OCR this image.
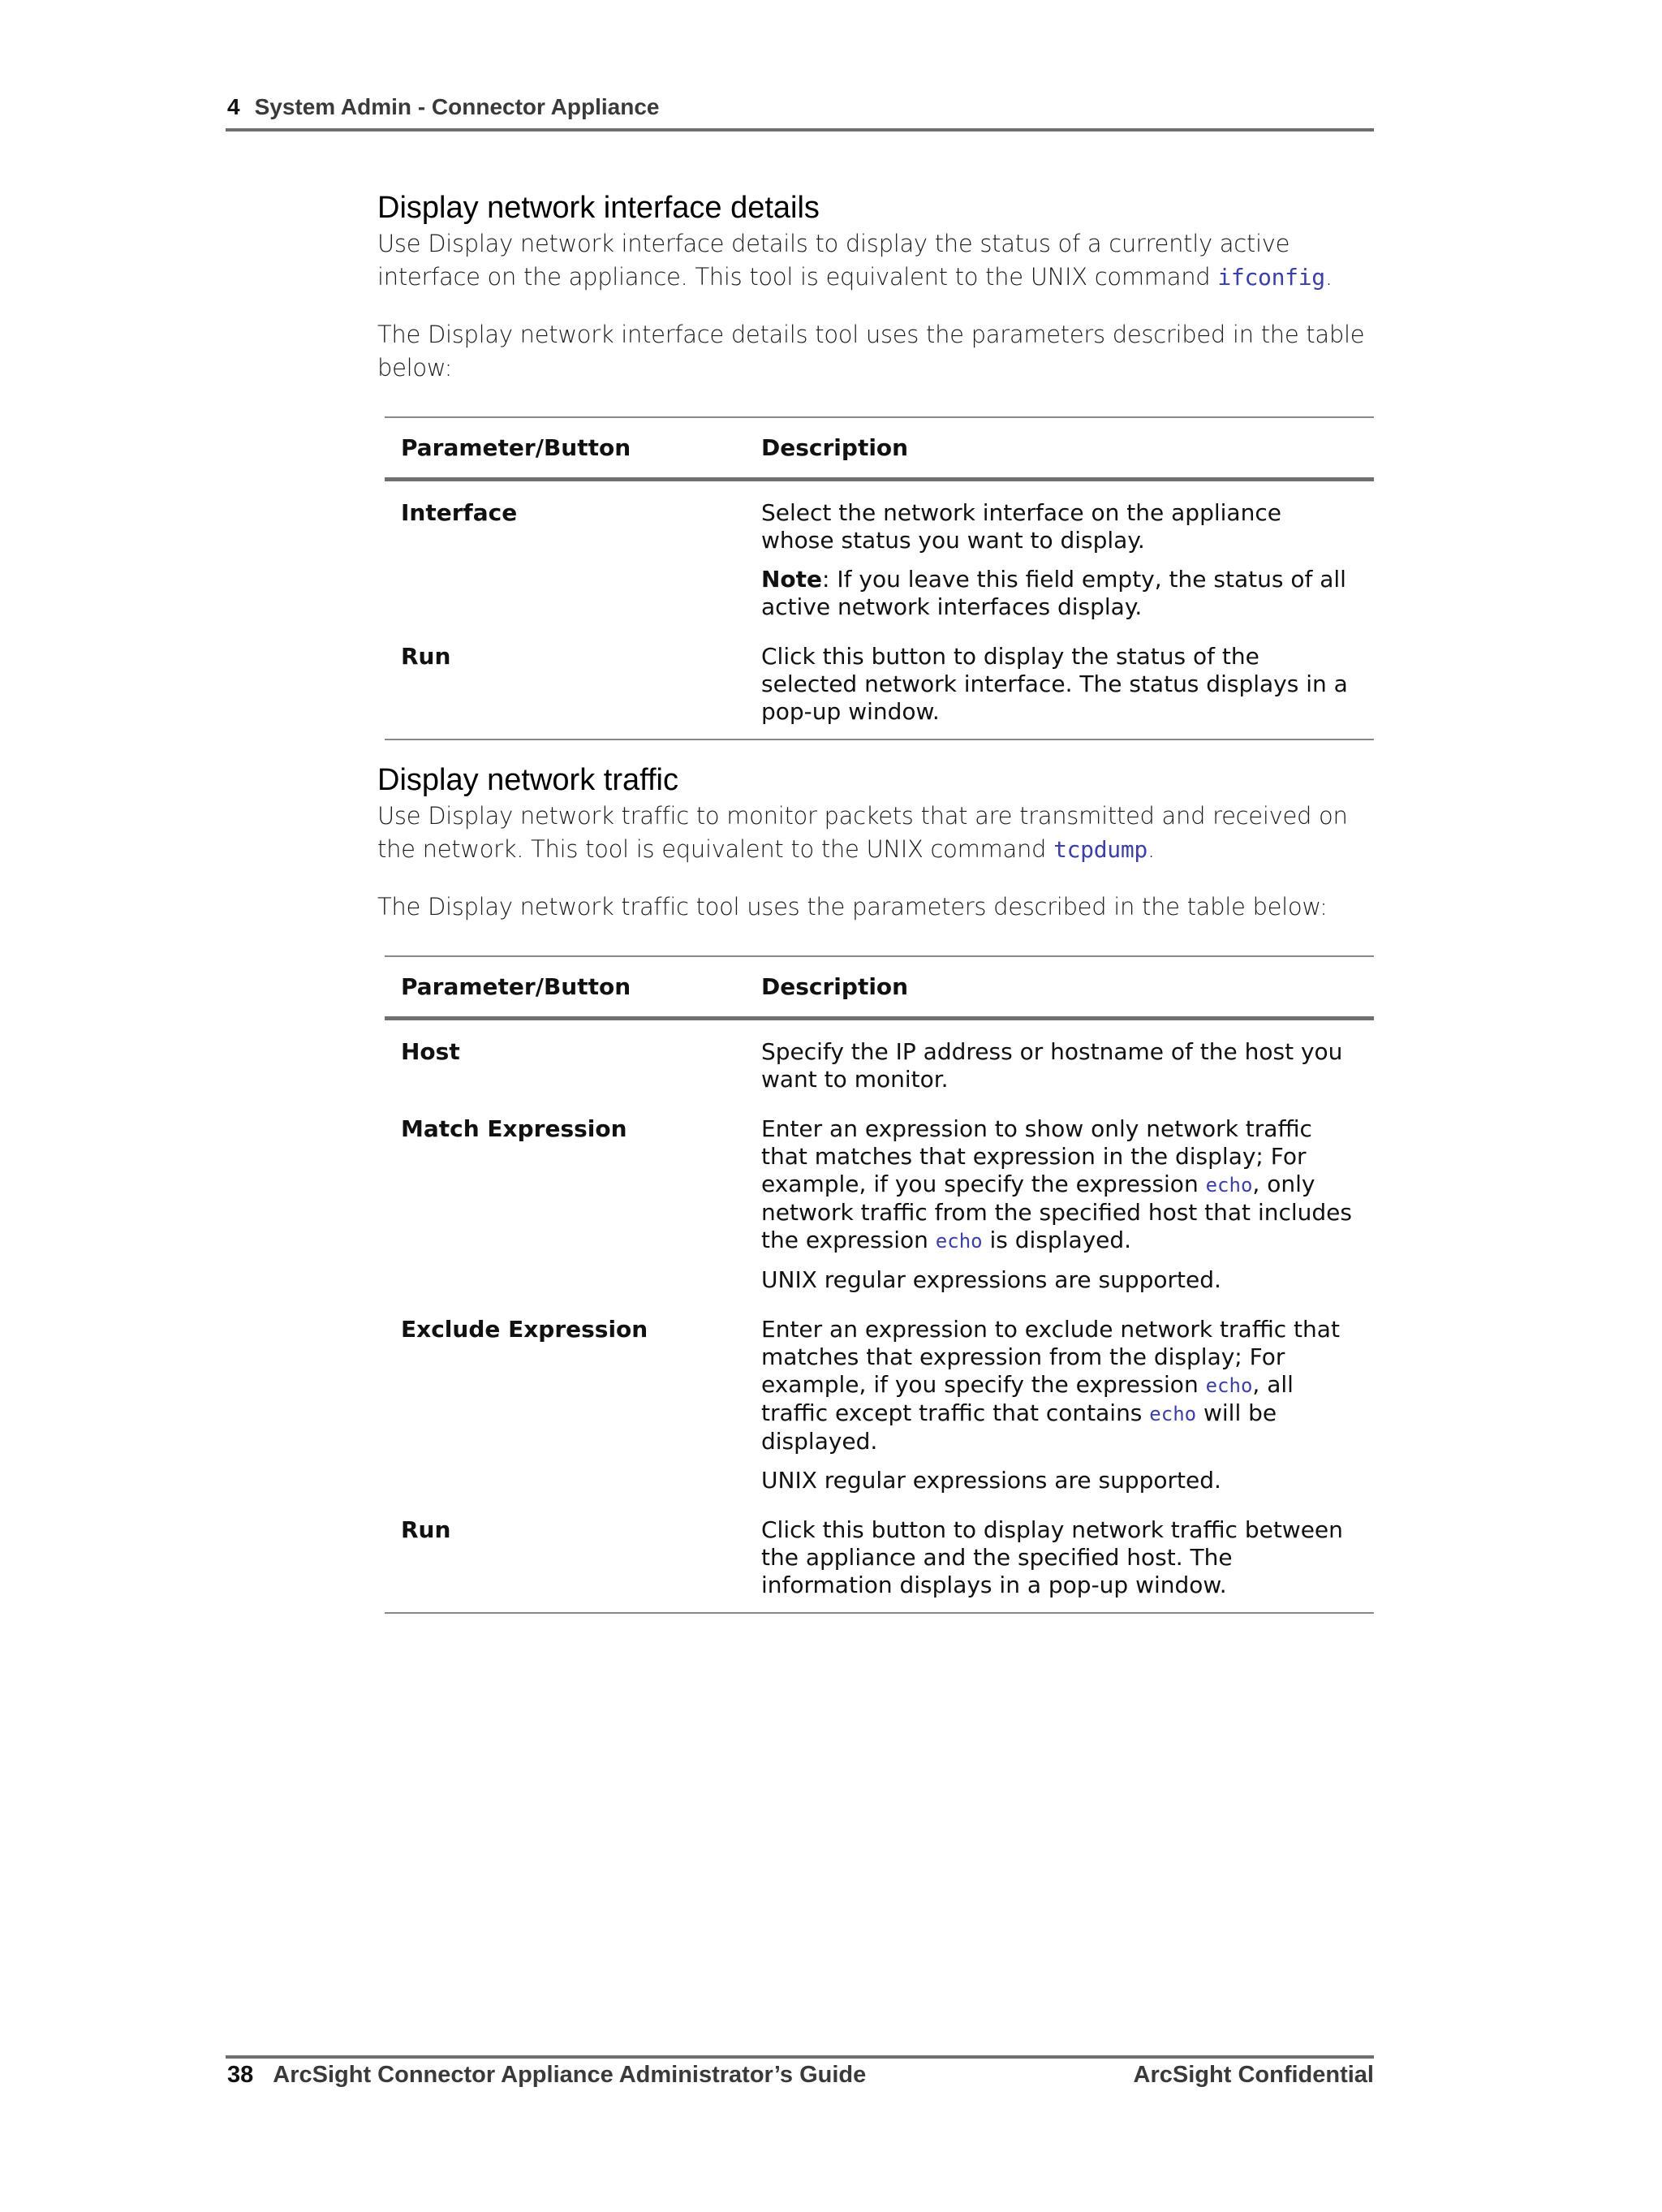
4 System Admin - Connector Appliance
Display network interface details

Use Display network interface details to display the status of a currently active interface on the appliance. This tool is equivalent to the UNIX command ifconfig.

The Display network interface details tool uses the parameters described in the table below:

Parameter/Button	Description
Interface	Select the network interface on the appliance whose status you want to display.

Note: If you leave this field empty, the status of all active network interfaces display.

Run	Click this button to display the status of the selected network interface. The status displays in a pop-up window.

Display network traffic

Use Display network traffic to monitor packets that are transmitted and received on the network. This tool is equivalent to the UNIX command tcpdump.

The Display network traffic tool uses the parameters described in the table below:

Parameter/Button	Description
Host	Specify the IP address or hostname of the host you want to monitor.

Match Expression	Enter an expression to show only network traffic that matches that expression in the display; For example, if you specify the expression echo, only network traffic from the specified host that includes the expression echo is displayed.

UNIX regular expressions are supported.

Exclude Expression	Enter an expression to exclude network traffic that matches that expression from the display; For example, if you specify the expression echo, all traffic except traffic that contains echo will be displayed.

UNIX regular expressions are supported.

Run	Click this button to display network traffic between the appliance and the specified host. The information displays in a pop-up window.

38 ArcSight Connector Appliance Administrator’s Guide	ArcSight Confidential
